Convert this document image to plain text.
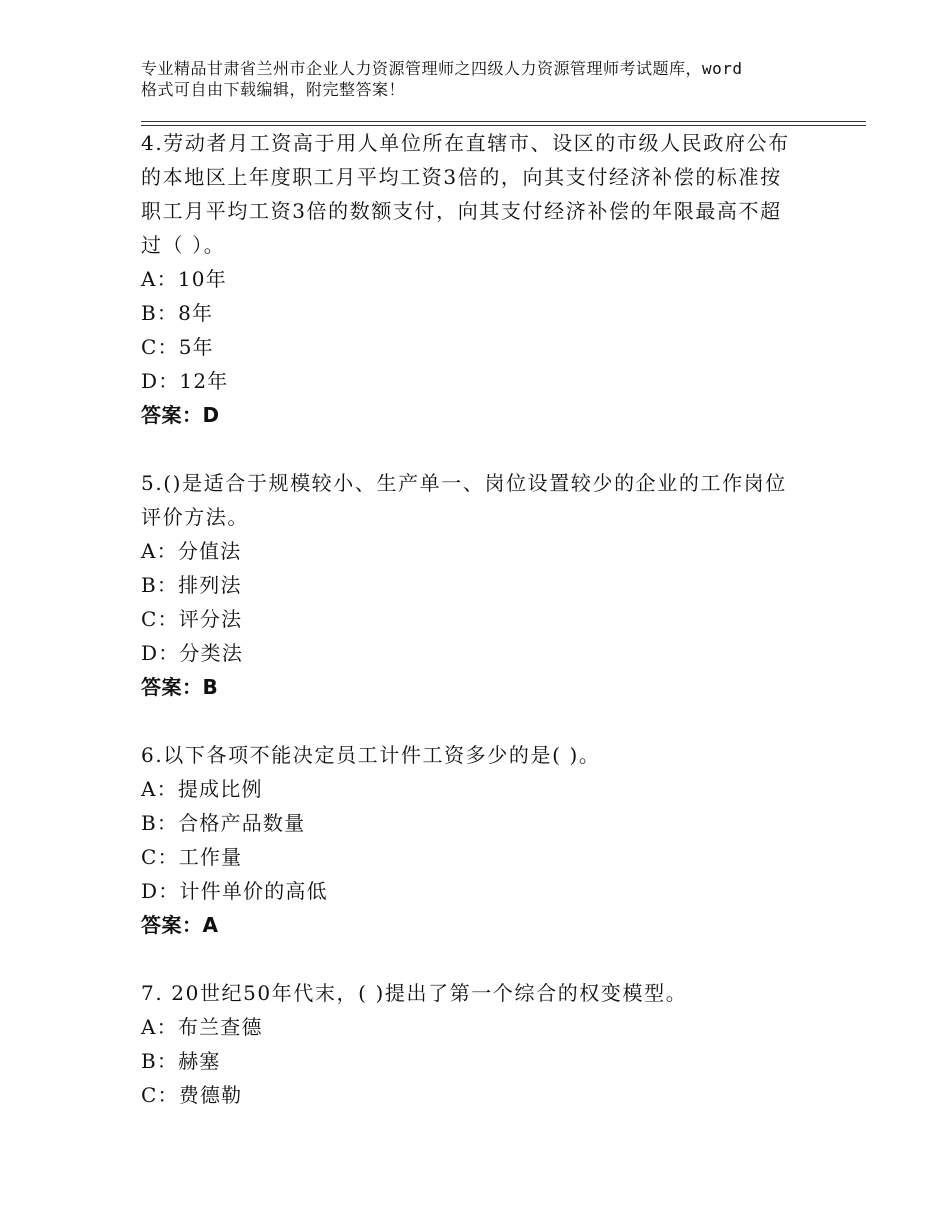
专业精品甘肃省兰州市企业人力资源管理师之四级人力资源管理师考试题库，word
格式可自由下载编辑，附完整答案！
4.劳动者月工资高于用人单位所在直辖市、设区的市级人民政府公布
的本地区上年度职工月平均工资3倍的，向其支付经济补偿的标准按
职工月平均工资3倍的数额支付，向其支付经济补偿的年限最高不超
过（ ）。
A：10年
B：8年
C：5年
D：12年
答案：D
5.()是适合于规模较小、生产单一、岗位设置较少的企业的工作岗位
评价方法。
A：分值法
B：排列法
C：评分法
D：分类法
答案：B
6.以下各项不能决定员工计件工资多少的是( )。
A：提成比例
B：合格产品数量
C：工作量
D：计件单价的高低
答案：A
7. 20世纪50年代末，( )提出了第一个综合的权变模型。
A：布兰查德
B：赫塞
C：费德勒
